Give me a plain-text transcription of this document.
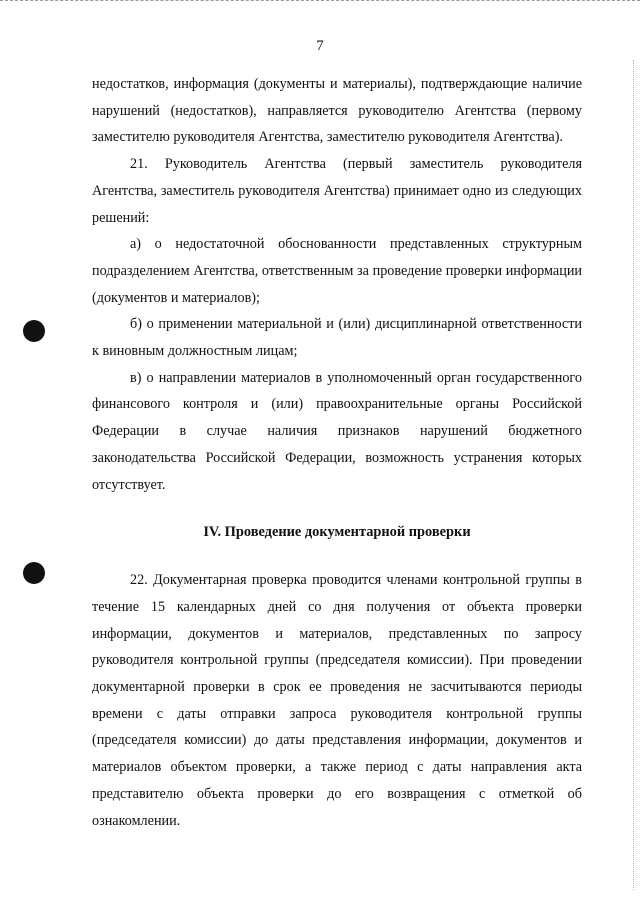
7

недостатков, информация (документы и материалы), подтверждающие наличие нарушений (недостатков), направляется руководителю Агентства (первому заместителю руководителя Агентства, заместителю руководителя Агентства).

21. Руководитель Агентства (первый заместитель руководителя Агентства, заместитель руководителя Агентства) принимает одно из следующих решений:

а) о недостаточной обоснованности представленных структурным подразделением Агентства, ответственным за проведение проверки информации (документов и материалов);

б) о применении материальной и (или) дисциплинарной ответственности к виновным должностным лицам;

в) о направлении материалов в уполномоченный орган государственного финансового контроля и (или) правоохранительные органы Российской Федерации в случае наличия признаков нарушений бюджетного законодательства Российской Федерации, возможность устранения которых отсутствует.

IV. Проведение документарной проверки

22. Документарная проверка проводится членами контрольной группы в течение 15 календарных дней со дня получения от объекта проверки информации, документов и материалов, представленных по запросу руководителя контрольной группы (председателя комиссии). При проведении документарной проверки в срок ее проведения не засчитываются периоды времени с даты отправки запроса руководителя контрольной группы (председателя комиссии) до даты представления информации, документов и материалов объектом проверки, а также период с даты направления акта представителю объекта проверки до его возвращения с отметкой об ознакомлении.
